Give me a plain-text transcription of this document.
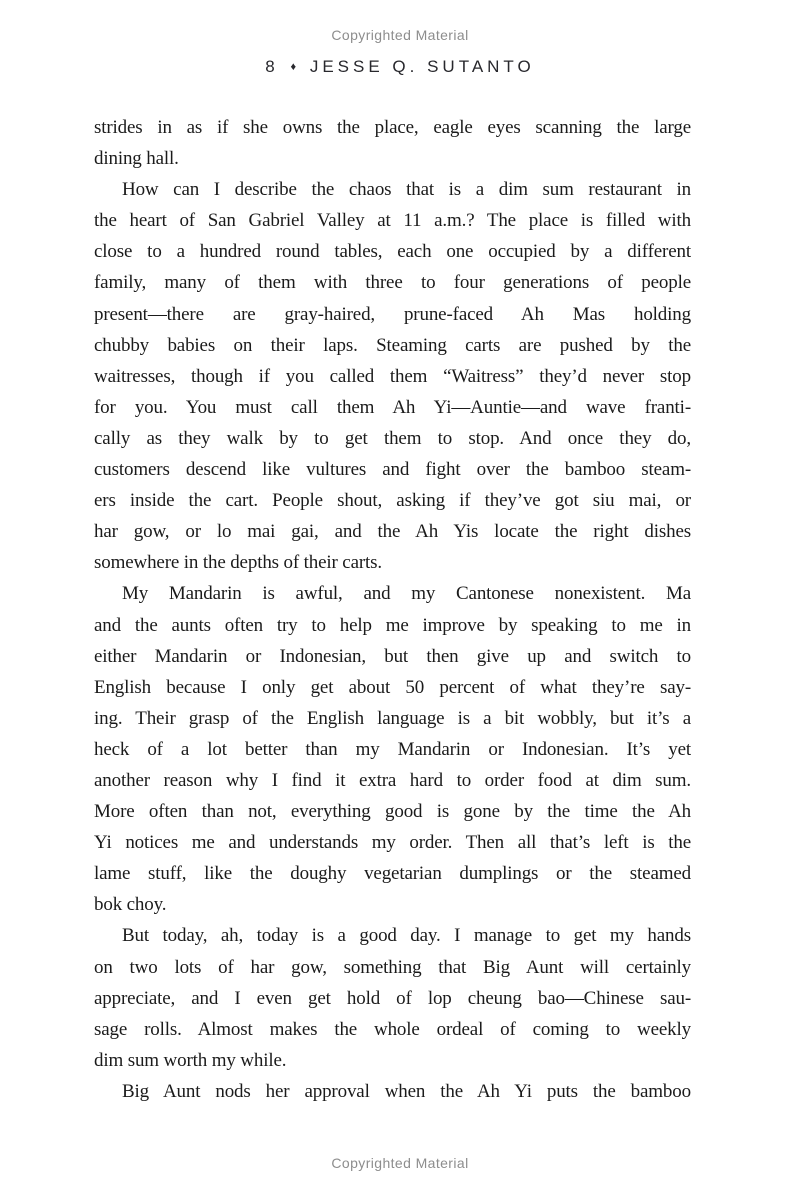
Copyrighted Material
8 ♦ JESSE Q. SUTANTO
strides in as if she owns the place, eagle eyes scanning the large
dining hall.
How can I describe the chaos that is a dim sum restaurant in
the heart of San Gabriel Valley at 11 a.m.? The place is filled with
close to a hundred round tables, each one occupied by a different
family, many of them with three to four generations of people
present—there are gray-haired, prune-faced Ah Mas holding
chubby babies on their laps. Steaming carts are pushed by the
waitresses, though if you called them “Waitress” they’d never stop
for you. You must call them Ah Yi—Auntie—and wave franti-
cally as they walk by to get them to stop. And once they do,
customers descend like vultures and fight over the bamboo steam-
ers inside the cart. People shout, asking if they’ve got siu mai, or
har gow, or lo mai gai, and the Ah Yis locate the right dishes
somewhere in the depths of their carts.
My Mandarin is awful, and my Cantonese nonexistent. Ma
and the aunts often try to help me improve by speaking to me in
either Mandarin or Indonesian, but then give up and switch to
English because I only get about 50 percent of what they’re say-
ing. Their grasp of the English language is a bit wobbly, but it’s a
heck of a lot better than my Mandarin or Indonesian. It’s yet
another reason why I find it extra hard to order food at dim sum.
More often than not, everything good is gone by the time the Ah
Yi notices me and understands my order. Then all that’s left is the
lame stuff, like the doughy vegetarian dumplings or the steamed
bok choy.
But today, ah, today is a good day. I manage to get my hands
on two lots of har gow, something that Big Aunt will certainly
appreciate, and I even get hold of lop cheung bao—Chinese sau-
sage rolls. Almost makes the whole ordeal of coming to weekly
dim sum worth my while.
Big Aunt nods her approval when the Ah Yi puts the bamboo
Copyrighted Material
